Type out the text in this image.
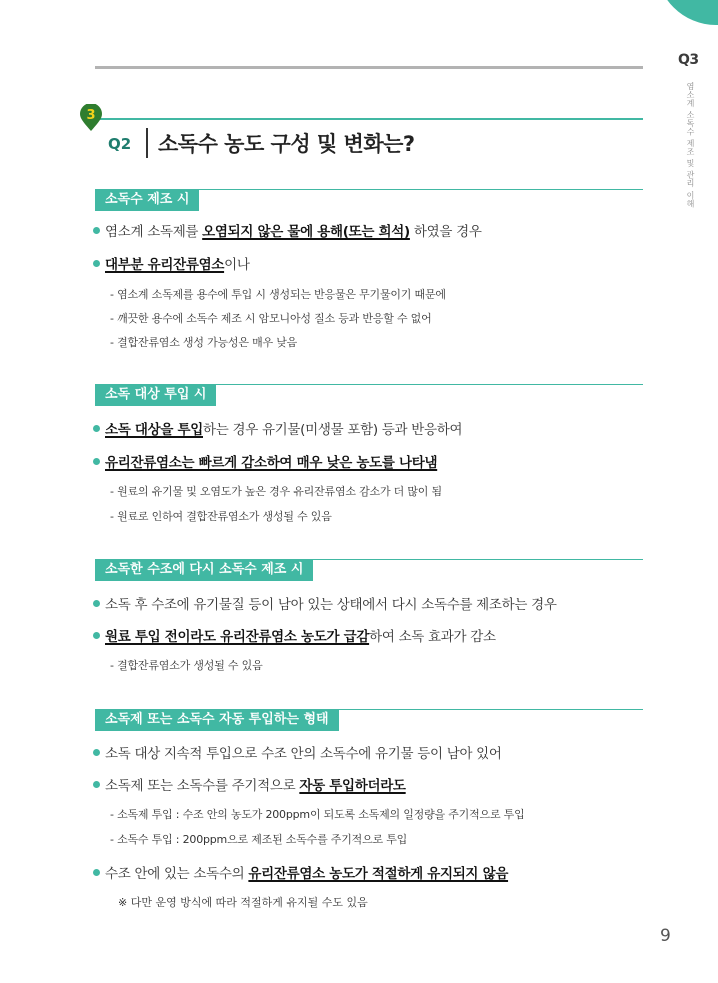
Q3
염소계 소독수 제조 및 관리 이해
3
Q2 소독수 농도 구성 및 변화는?
소독수 제조 시
염소계 소독제를 오염되지 않은 물에 용해(또는 희석) 하였을 경우
대부분 유리잔류염소이나
- 염소계 소독제를 용수에 투입 시 생성되는 반응물은 무기물이기 때문에
- 깨끗한 용수에 소독수 제조 시 암모니아성 질소 등과 반응할 수 없어
- 결합잔류염소 생성 가능성은 매우 낮음
소독 대상 투입 시
소독 대상을 투입하는 경우 유기물(미생물 포함) 등과 반응하여
유리잔류염소는 빠르게 감소하여 매우 낮은 농도를 나타냄
- 원료의 유기물 및 오염도가 높은 경우 유리잔류염소 감소가 더 많이 됨
- 원료로 인하여 결합잔류염소가 생성될 수 있음
소독한 수조에 다시 소독수 제조 시
소독 후 수조에 유기물질 등이 남아 있는 상태에서 다시 소독수를 제조하는 경우
원료 투입 전이라도 유리잔류염소 농도가 급감하여 소독 효과가 감소
- 결합잔류염소가 생성될 수 있음
소독제 또는 소독수 자동 투입하는 형태
소독 대상 지속적 투입으로 수조 안의 소독수에 유기물 등이 남아 있어
소독제 또는 소독수를 주기적으로 자동 투입하더라도
- 소독제 투입 : 수조 안의 농도가 200ppm이 되도록 소독제의 일정량을 주기적으로 투입
- 소독수 투입 : 200ppm으로 제조된 소독수를 주기적으로 투입
수조 안에 있는 소독수의 유리잔류염소 농도가 적절하게 유지되지 않음
※ 다만 운영 방식에 따라 적절하게 유지될 수도 있음
9
